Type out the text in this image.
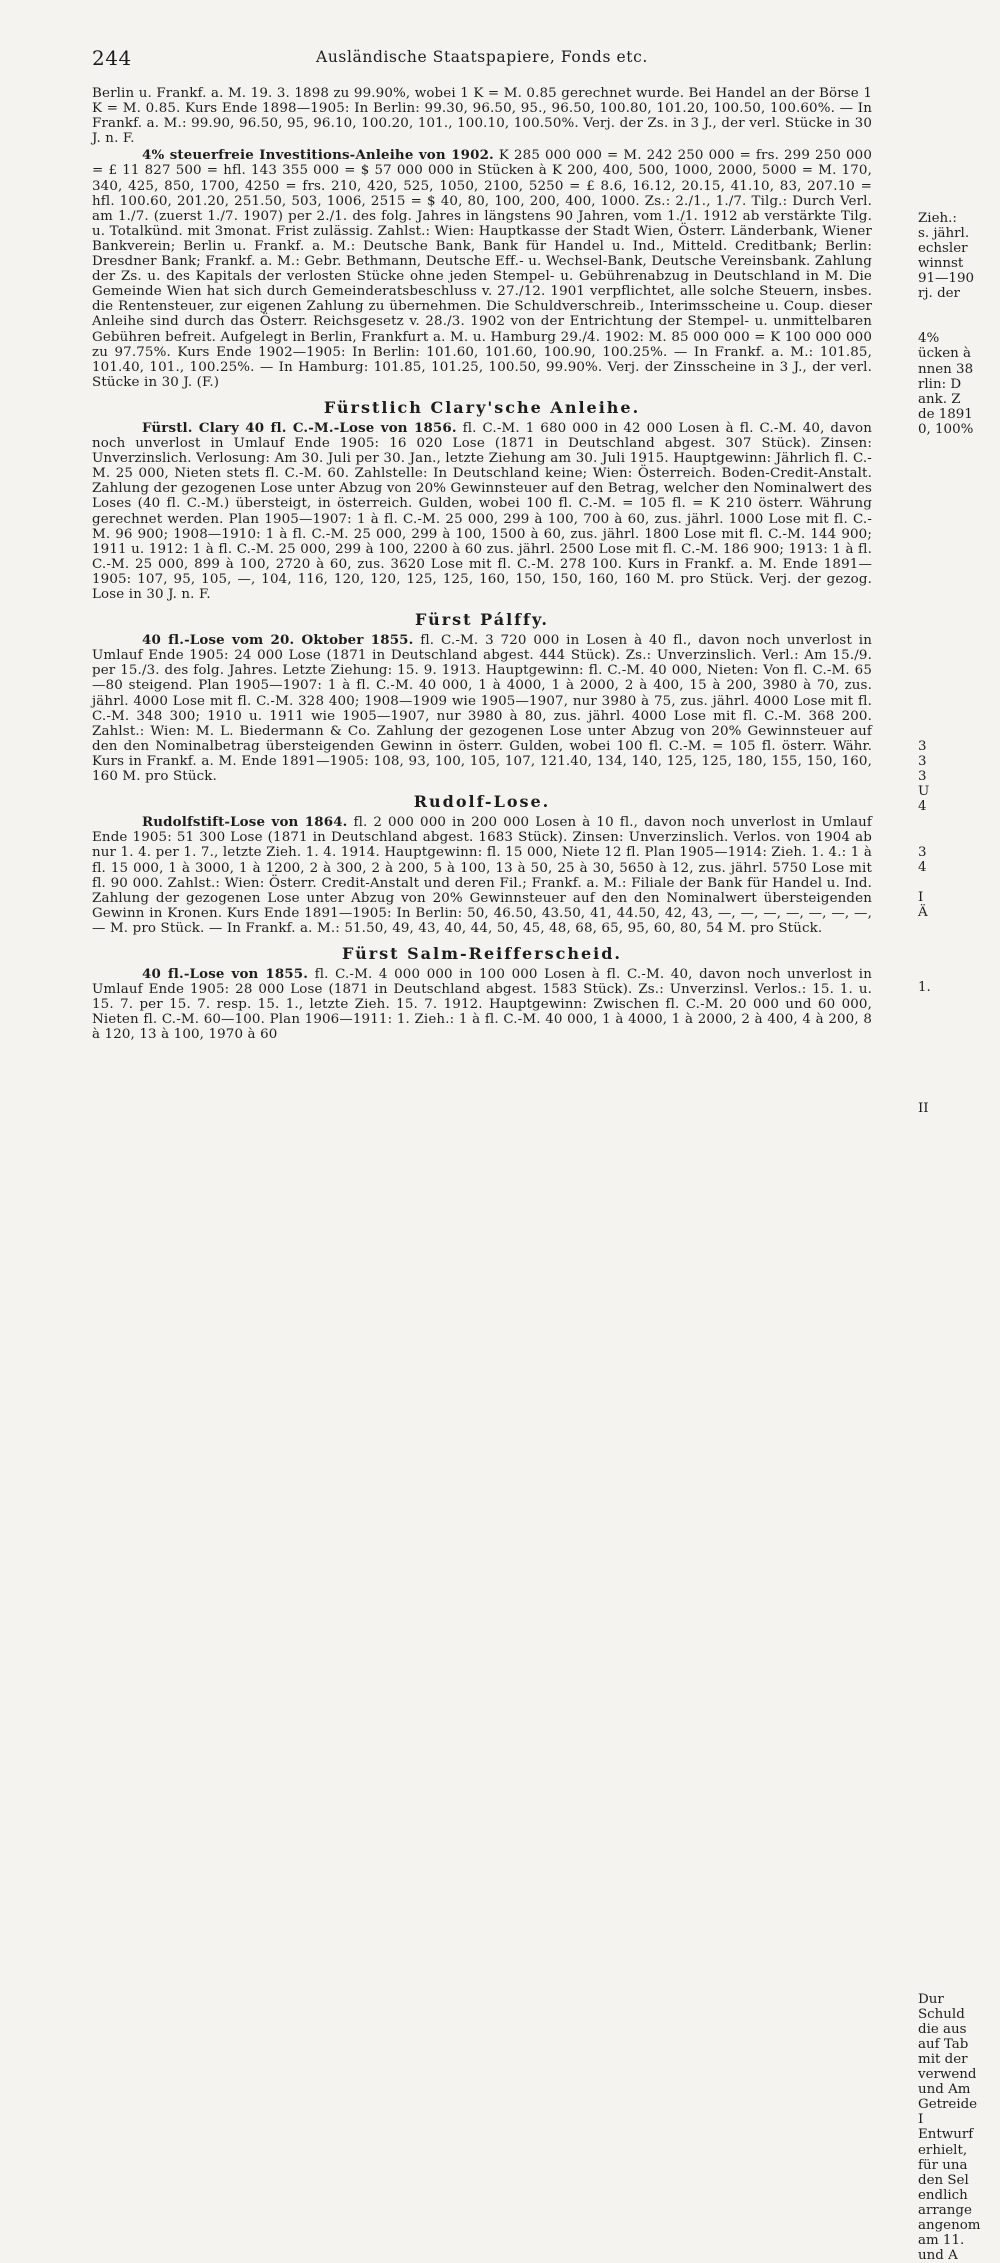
244	Ausländische Staatspapiere, Fonds etc.

Berlin u. Frankf. a. M. 19. 3. 1898 zu 99.90%, wobei 1 K = M. 0.85 gerechnet wurde. Bei Handel an der Börse 1 K = M. 0.85. Kurs Ende 1898—1905: In Berlin: 99.30, 96.50, 95., 96.50, 100.80, 101.20, 100.50, 100.60%. — In Frankf. a. M.: 99.90, 96.50, 95, 96.10, 100.20, 101., 100.10, 100.50%. Verj. der Zs. in 3 J., der verl. Stücke in 30 J. n. F.

4% steuerfreie Investitions-Anleihe von 1902. K 285 000 000 = M. 242 250 000 = frs. 299 250 000 = £ 11 827 500 = hfl. 143 355 000 = $ 57 000 000 in Stücken à K 200, 400, 500, 1000, 2000, 5000 = M. 170, 340, 425, 850, 1700, 4250 = frs. 210, 420, 525, 1050, 2100, 5250 = £ 8.6, 16.12, 20.15, 41.10, 83, 207.10 = hfl. 100.60, 201.20, 251.50, 503, 1006, 2515 = $ 40, 80, 100, 200, 400, 1000. Zs.: 2./1., 1./7. Tilg.: Durch Verl. am 1./7. (zuerst 1./7. 1907) per 2./1. des folg. Jahres in längstens 90 Jahren, vom 1./1. 1912 ab verstärkte Tilg. u. Totalkünd. mit 3monat. Frist zulässig. Zahlst.: Wien: Hauptkasse der Stadt Wien, Österr. Länderbank, Wiener Bankverein; Berlin u. Frankf. a. M.: Deutsche Bank, Bank für Handel u. Ind., Mitteld. Creditbank; Berlin: Dresdner Bank; Frankf. a. M.: Gebr. Bethmann, Deutsche Eff.- u. Wechsel-Bank, Deutsche Vereinsbank. Zahlung der Zs. u. des Kapitals der verlosten Stücke ohne jeden Stempel- u. Gebührenabzug in Deutschland in M. Die Gemeinde Wien hat sich durch Gemeinderatsbeschluss v. 27./12. 1901 verpflichtet, alle solche Steuern, insbes. die Rentensteuer, zur eigenen Zahlung zu übernehmen. Die Schuldverschreib., Interimsscheine u. Coup. dieser Anleihe sind durch das Österr. Reichsgesetz v. 28./3. 1902 von der Entrichtung der Stempel- u. unmittelbaren Gebühren befreit. Aufgelegt in Berlin, Frankfurt a. M. u. Hamburg 29./4. 1902: M. 85 000 000 = K 100 000 000 zu 97.75%. Kurs Ende 1902—1905: In Berlin: 101.60, 101.60, 100.90, 100.25%. — In Frankf. a. M.: 101.85, 101.40, 101., 100.25%. — In Hamburg: 101.85, 101.25, 100.50, 99.90%. Verj. der Zinsscheine in 3 J., der verl. Stücke in 30 J. (F.)

Fürstlich Clary'sche Anleihe.

Fürstl. Clary 40 fl. C.-M.-Lose von 1856. fl. C.-M. 1 680 000 in 42 000 Losen à fl. C.-M. 40, davon noch unverlost in Umlauf Ende 1905: 16 020 Lose (1871 in Deutschland abgest. 307 Stück). Zinsen: Unverzinslich. Verlosung: Am 30. Juli per 30. Jan., letzte Ziehung am 30. Juli 1915. Hauptgewinn: Jährlich fl. C.-M. 25 000, Nieten stets fl. C.-M. 60. Zahlstelle: In Deutschland keine; Wien: Österreich. Boden-Credit-Anstalt. Zahlung der gezogenen Lose unter Abzug von 20% Gewinnsteuer auf den Betrag, welcher den Nominalwert des Loses (40 fl. C.-M.) übersteigt, in österreich. Gulden, wobei 100 fl. C.-M. = 105 fl. = K 210 österr. Währung gerechnet werden. Plan 1905—1907: 1 à fl. C.-M. 25 000, 299 à 100, 700 à 60, zus. jährl. 1000 Lose mit fl. C.-M. 96 900; 1908—1910: 1 à fl. C.-M. 25 000, 299 à 100, 1500 à 60, zus. jährl. 1800 Lose mit fl. C.-M. 144 900; 1911 u. 1912: 1 à fl. C.-M. 25 000, 299 à 100, 2200 à 60 zus. jährl. 2500 Lose mit fl. C.-M. 186 900; 1913: 1 à fl. C.-M. 25 000, 899 à 100, 2720 à 60, zus. 3620 Lose mit fl. C.-M. 278 100. Kurs in Frankf. a. M. Ende 1891—1905: 107, 95, 105, —, 104, 116, 120, 120, 125, 125, 160, 150, 150, 160, 160 M. pro Stück. Verj. der gezog. Lose in 30 J. n. F.

Fürst Pálffy.

40 fl.-Lose vom 20. Oktober 1855. fl. C.-M. 3 720 000 in Losen à 40 fl., davon noch unverlost in Umlauf Ende 1905: 24 000 Lose (1871 in Deutschland abgest. 444 Stück). Zs.: Unverzinslich. Verl.: Am 15./9. per 15./3. des folg. Jahres. Letzte Ziehung: 15. 9. 1913. Hauptgewinn: fl. C.-M. 40 000, Nieten: Von fl. C.-M. 65—80 steigend. Plan 1905—1907: 1 à fl. C.-M. 40 000, 1 à 4000, 1 à 2000, 2 à 400, 15 à 200, 3980 à 70, zus. jährl. 4000 Lose mit fl. C.-M. 328 400; 1908—1909 wie 1905—1907, nur 3980 à 75, zus. jährl. 4000 Lose mit fl. C.-M. 348 300; 1910 u. 1911 wie 1905—1907, nur 3980 à 80, zus. jährl. 4000 Lose mit fl. C.-M. 368 200. Zahlst.: Wien: M. L. Biedermann & Co. Zahlung der gezogenen Lose unter Abzug von 20% Gewinnsteuer auf den den Nominalbetrag übersteigenden Gewinn in österr. Gulden, wobei 100 fl. C.-M. = 105 fl. österr. Währ. Kurs in Frankf. a. M. Ende 1891—1905: 108, 93, 100, 105, 107, 121.40, 134, 140, 125, 125, 180, 155, 150, 160, 160 M. pro Stück.

Rudolf-Lose.

Rudolfstift-Lose von 1864. fl. 2 000 000 in 200 000 Losen à 10 fl., davon noch unverlost in Umlauf Ende 1905: 51 300 Lose (1871 in Deutschland abgest. 1683 Stück). Zinsen: Unverzinslich. Verlos. von 1904 ab nur 1. 4. per 1. 7., letzte Zieh. 1. 4. 1914. Hauptgewinn: fl. 15 000, Niete 12 fl. Plan 1905—1914: Zieh. 1. 4.: 1 à fl. 15 000, 1 à 3000, 1 à 1200, 2 à 300, 2 à 200, 5 à 100, 13 à 50, 25 à 30, 5650 à 12, zus. jährl. 5750 Lose mit fl. 90 000. Zahlst.: Wien: Österr. Credit-Anstalt und deren Fil.; Frankf. a. M.: Filiale der Bank für Handel u. Ind. Zahlung der gezogenen Lose unter Abzug von 20% Gewinnsteuer auf den den Nominalwert übersteigenden Gewinn in Kronen. Kurs Ende 1891—1905: In Berlin: 50, 46.50, 43.50, 41, 44.50, 42, 43, —, —, —, —, —, —, —, — M. pro Stück. — In Frankf. a. M.: 51.50, 49, 43, 40, 44, 50, 45, 48, 68, 65, 95, 60, 80, 54 M. pro Stück.

Fürst Salm-Reifferscheid.

40 fl.-Lose von 1855. fl. C.-M. 4 000 000 in 100 000 Losen à fl. C.-M. 40, davon noch unverlost in Umlauf Ende 1905: 28 000 Lose (1871 in Deutschland abgest. 1583 Stück). Zs.: Unverzinsl. Verlos.: 15. 1. u. 15. 7. per 15. 7. resp. 15. 1., letzte Zieh. 15. 7. 1912. Hauptgewinn: Zwischen fl. C.-M. 20 000 und 60 000, Nieten fl. C.-M. 60—100. Plan 1906—1911: 1. Zieh.: 1 à fl. C.-M. 40 000, 1 à 4000, 1 à 2000, 2 à 400, 4 à 200, 8 à 120, 13 à 100, 1970 à 60

Zieh.:
s. jährl.
echsler
winnst
91—190
rj. der
4%
ücken à
nnen 38
rlin: D
ank. Z
de 1891
0, 100%
3
3
3
U
4
3
4
I
Ä
1.
II
Dur
Schuld
die aus
auf Tab
mit der
verwend
und Am
Getreide
I
Entwurf
erhielt,
für una
den Sel
endlich
arrange
angenom
am 11.
und A
